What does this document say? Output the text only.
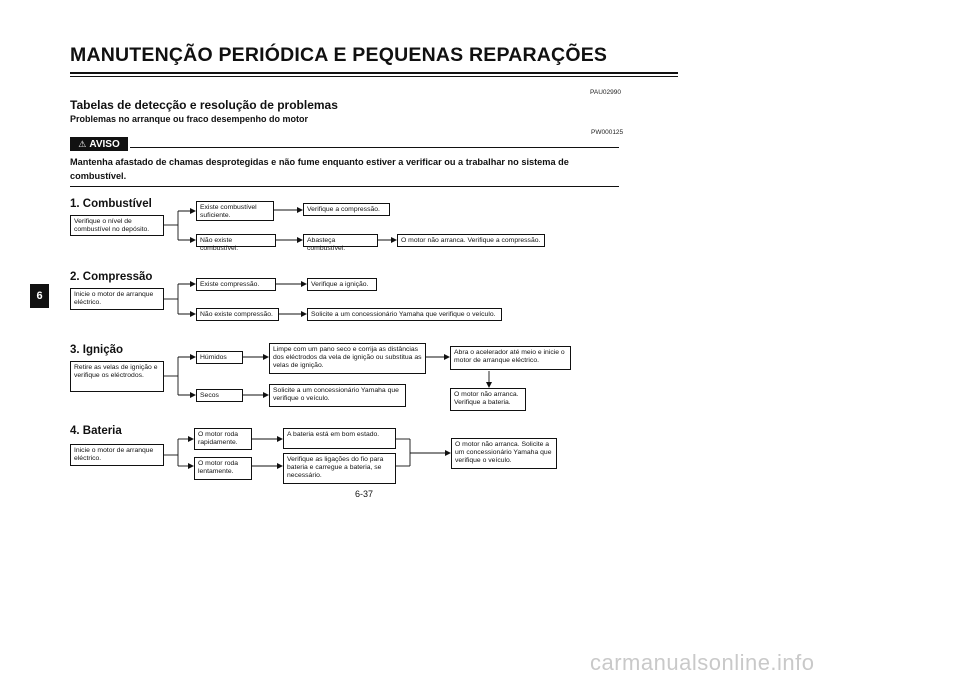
MANUTENÇÃO PERIÓDICA E PEQUENAS REPARAÇÕES
PAU02990
Tabelas de detecção e resolução de problemas
Problemas no arranque ou fraco desempenho do motor
PW000125
⚠ AVISO
Mantenha afastado de chamas desprotegidas e não fume enquanto estiver a verificar ou a trabalhar no sistema de combustível.
6
1. Combustível
Verifique o nível de combustível no depósito.
Existe combustível suficiente.
Verifique a compressão.
Não existe combustível.
Abasteça combustível.
O motor não arranca. Verifique a compressão.
2. Compressão
Inicie o motor de arranque eléctrico.
Existe compressão.	Verifique a ignição.
Não existe compressão.	Solicite a um concessionário Yamaha que verifique o veículo.
3. Ignição
Retire as velas de ignição e verifique os eléctrodos.
Húmidos
Limpe com um pano seco e corrija as distâncias dos eléctrodos da vela de ignição ou substitua as velas de ignição.
Abra o acelerador até meio e inicie o motor de arranque eléctrico.
O motor não arranca. Verifique a bateria.
Secos
Solicite a um concessionário Yamaha que verifique o veículo.
4. Bateria
Inicie o motor de arranque eléctrico.
O motor roda rapidamente.
A bateria está em bom estado.
O motor roda lentamente.
Verifique as ligações do fio para bateria e carregue a bateria, se necessário.
O motor não arranca. Solicite a um concessionário Yamaha que verifique o veículo.
6-37
carmanualsonline.info
